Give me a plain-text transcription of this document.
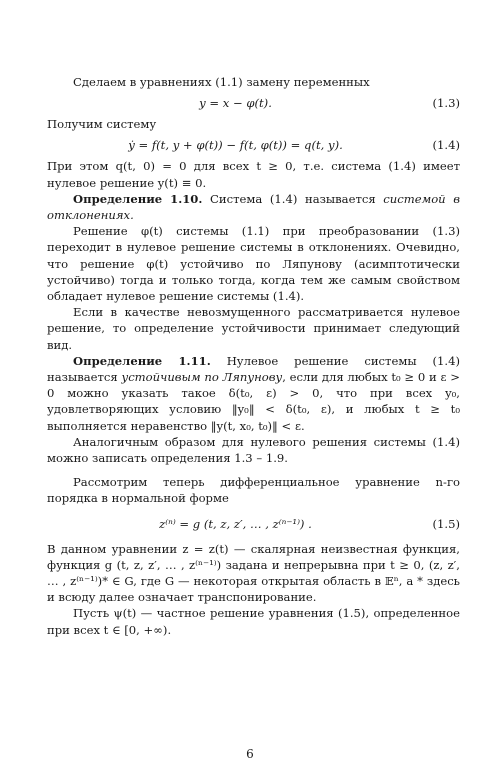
Сделаем в уравнениях (1.1) замену переменных

y = x − φ(t).	(1.3)

Получим систему

ẏ = f(t, y + φ(t)) − f(t, φ(t)) = q(t, y).	(1.4)

При этом q(t, 0) = 0 для всех t ≥ 0, т.е. система (1.4) имеет нулевое решение y(t) ≡ 0.

Определение 1.10. Система (1.4) называется системой в отклонениях.

Решение φ(t) системы (1.1) при преобразовании (1.3) переходит в нулевое решение системы в отклонениях. Очевидно, что решение φ(t) устойчиво по Ляпунову (асимптотически устойчиво) тогда и только тогда, когда тем же самым свойством обладает нулевое решение системы (1.4).

Если в качестве невозмущенного рассматривается нулевое решение, то определение устойчивости принимает следующий вид.

Определение 1.11. Нулевое решение системы (1.4) называется устойчивым по Ляпунову, если для любых t₀ ≥ 0 и ε > 0 можно указать такое δ(t₀, ε) > 0, что при всех y₀, удовлетворяющих условию ‖y₀‖ < δ(t₀, ε), и любых t ≥ t₀ выполняется неравенство ‖y(t, x₀, t₀)‖ < ε.

Аналогичным образом для нулевого решения системы (1.4) можно записать определения 1.3 – 1.9.

Рассмотрим теперь дифференциальное уравнение n-го порядка в нормальной форме

z⁽ⁿ⁾ = g (t, z, z′, … , z⁽ⁿ⁻¹⁾) .	(1.5)

В данном уравнении z = z(t) — скалярная неизвестная функция, функция g (t, z, z′, … , z⁽ⁿ⁻¹⁾) задана и непрерывна при t ≥ 0, (z, z′, … , z⁽ⁿ⁻¹⁾)* ∈ G, где G — некоторая открытая область в 𝔼ⁿ, а * здесь и всюду далее означает транспонирование.

Пусть ψ(t) — частное решение уравнения (1.5), определенное при всех t ∈ [0, +∞).

6
